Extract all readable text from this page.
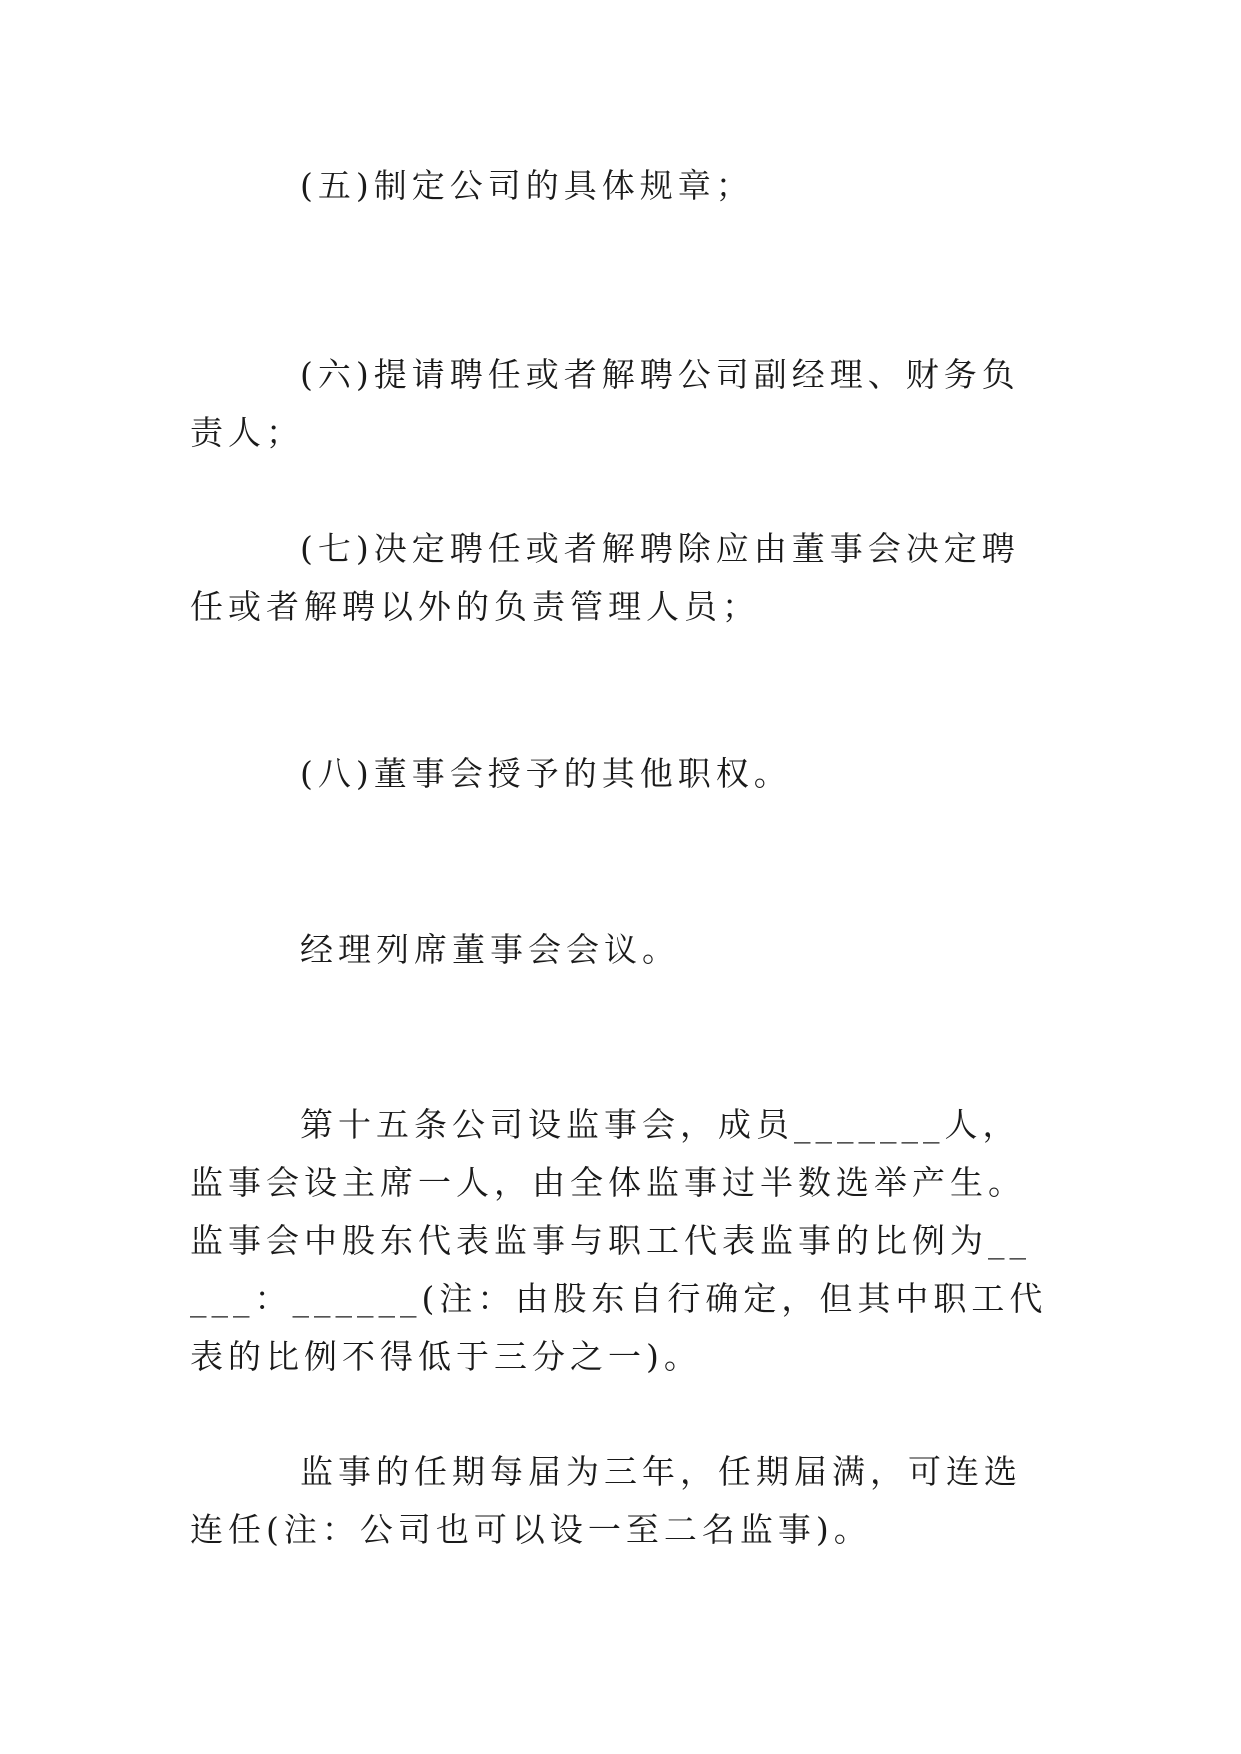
(五)制定公司的具体规章；

(六)提请聘任或者解聘公司副经理、财务负责人；

(七)决定聘任或者解聘除应由董事会决定聘任或者解聘以外的负责管理人员；

(八)董事会授予的其他职权。

经理列席董事会会议。

第十五条公司设监事会，成员_______人，监事会设主席一人，由全体监事过半数选举产生。监事会中股东代表监事与职工代表监事的比例为_____：______(注：由股东自行确定，但其中职工代表的比例不得低于三分之一)。

监事的任期每届为三年，任期届满，可连选连任(注：公司也可以设一至二名监事)。
